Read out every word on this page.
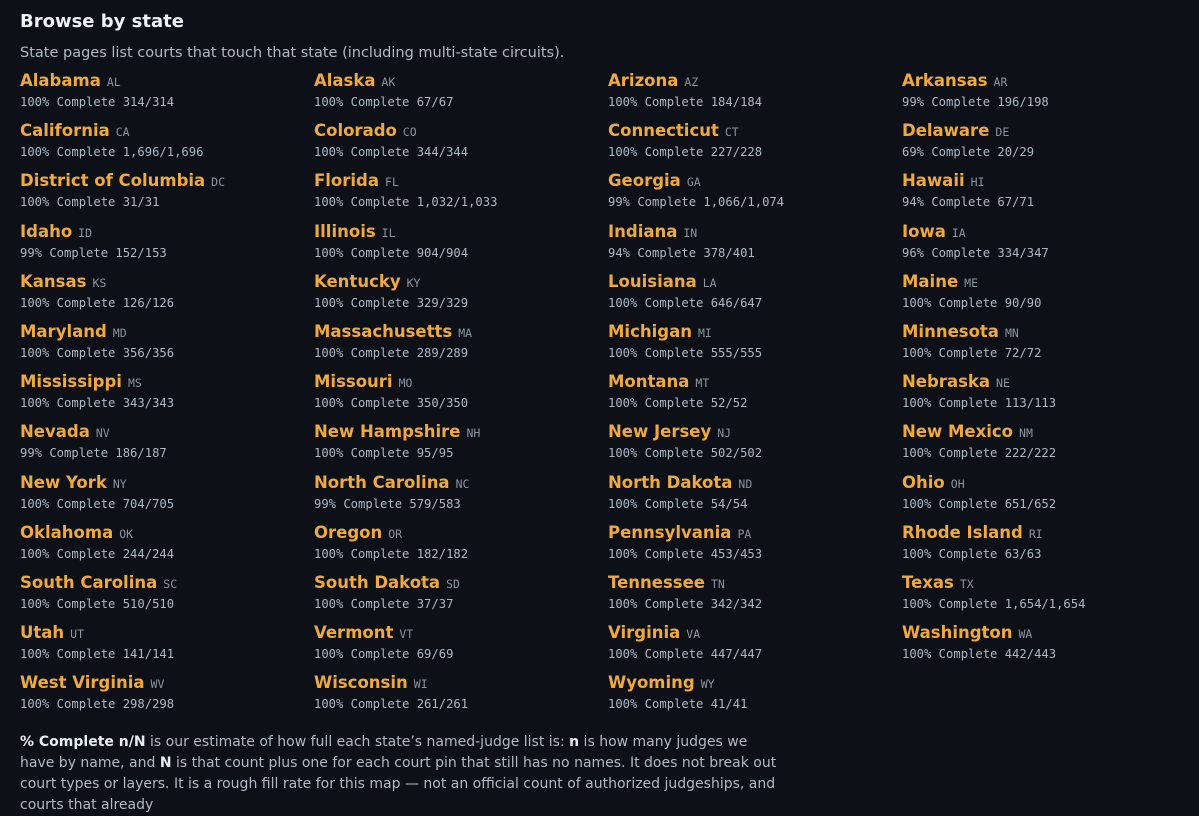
Browse by state
State pages list courts that touch that state (including multi-state circuits).
Alabama AL
100% Complete 314/314
Alaska AK
100% Complete 67/67
Arizona AZ
100% Complete 184/184
Arkansas AR
99% Complete 196/198
California CA
100% Complete 1,696/1,696
Colorado CO
100% Complete 344/344
Connecticut CT
100% Complete 227/228
Delaware DE
69% Complete 20/29
District of Columbia DC
100% Complete 31/31
Florida FL
100% Complete 1,032/1,033
Georgia GA
99% Complete 1,066/1,074
Hawaii HI
94% Complete 67/71
Idaho ID
99% Complete 152/153
Illinois IL
100% Complete 904/904
Indiana IN
94% Complete 378/401
Iowa IA
96% Complete 334/347
Kansas KS
100% Complete 126/126
Kentucky KY
100% Complete 329/329
Louisiana LA
100% Complete 646/647
Maine ME
100% Complete 90/90
Maryland MD
100% Complete 356/356
Massachusetts MA
100% Complete 289/289
Michigan MI
100% Complete 555/555
Minnesota MN
100% Complete 72/72
Mississippi MS
100% Complete 343/343
Missouri MO
100% Complete 350/350
Montana MT
100% Complete 52/52
Nebraska NE
100% Complete 113/113
Nevada NV
99% Complete 186/187
New Hampshire NH
100% Complete 95/95
New Jersey NJ
100% Complete 502/502
New Mexico NM
100% Complete 222/222
New York NY
100% Complete 704/705
North Carolina NC
99% Complete 579/583
North Dakota ND
100% Complete 54/54
Ohio OH
100% Complete 651/652
Oklahoma OK
100% Complete 244/244
Oregon OR
100% Complete 182/182
Pennsylvania PA
100% Complete 453/453
Rhode Island RI
100% Complete 63/63
South Carolina SC
100% Complete 510/510
South Dakota SD
100% Complete 37/37
Tennessee TN
100% Complete 342/342
Texas TX
100% Complete 1,654/1,654
Utah UT
100% Complete 141/141
Vermont VT
100% Complete 69/69
Virginia VA
100% Complete 447/447
Washington WA
100% Complete 442/443
West Virginia WV
100% Complete 298/298
Wisconsin WI
100% Complete 261/261
Wyoming WY
100% Complete 41/41

% Complete n/N is our estimate of how full each state’s named-judge list is: n is how many judges we have by name, and N is that count plus one for each court pin that still has no names. It does not break out court types or layers. It is a rough fill rate for this map — not an official count of authorized judgeships, and courts that already
